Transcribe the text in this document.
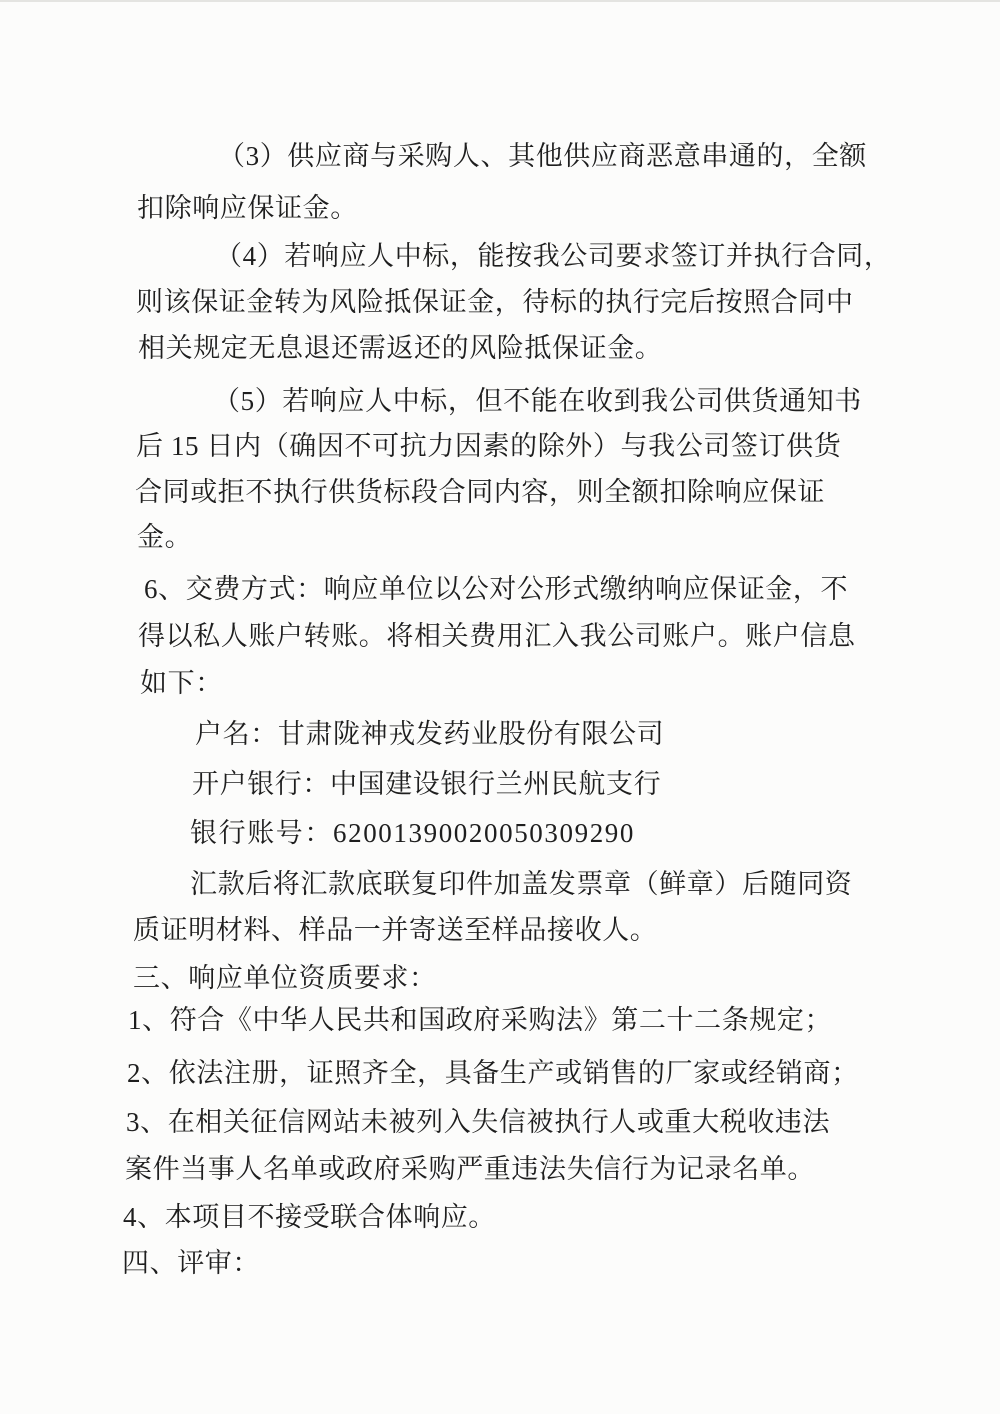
（3）供应商与采购人、其他供应商恶意串通的，全额
扣除响应保证金。
（4）若响应人中标，能按我公司要求签订并执行合同，
则该保证金转为风险抵保证金，待标的执行完后按照合同中
相关规定无息退还需返还的风险抵保证金。
（5）若响应人中标，但不能在收到我公司供货通知书
后 15 日内（确因不可抗力因素的除外）与我公司签订供货
合同或拒不执行供货标段合同内容，则全额扣除响应保证
金。
6、交费方式：响应单位以公对公形式缴纳响应保证金，不
得以私人账户转账。将相关费用汇入我公司账户。账户信息
如下：
户名：甘肃陇神戎发药业股份有限公司
开户银行：中国建设银行兰州民航支行
银行账号：62001390020050309290
汇款后将汇款底联复印件加盖发票章（鲜章）后随同资
质证明材料、样品一并寄送至样品接收人。
三、响应单位资质要求：
1、符合《中华人民共和国政府采购法》第二十二条规定；
2、依法注册，证照齐全，具备生产或销售的厂家或经销商；
3、在相关征信网站未被列入失信被执行人或重大税收违法
案件当事人名单或政府采购严重违法失信行为记录名单。
4、本项目不接受联合体响应。
四、评审：
